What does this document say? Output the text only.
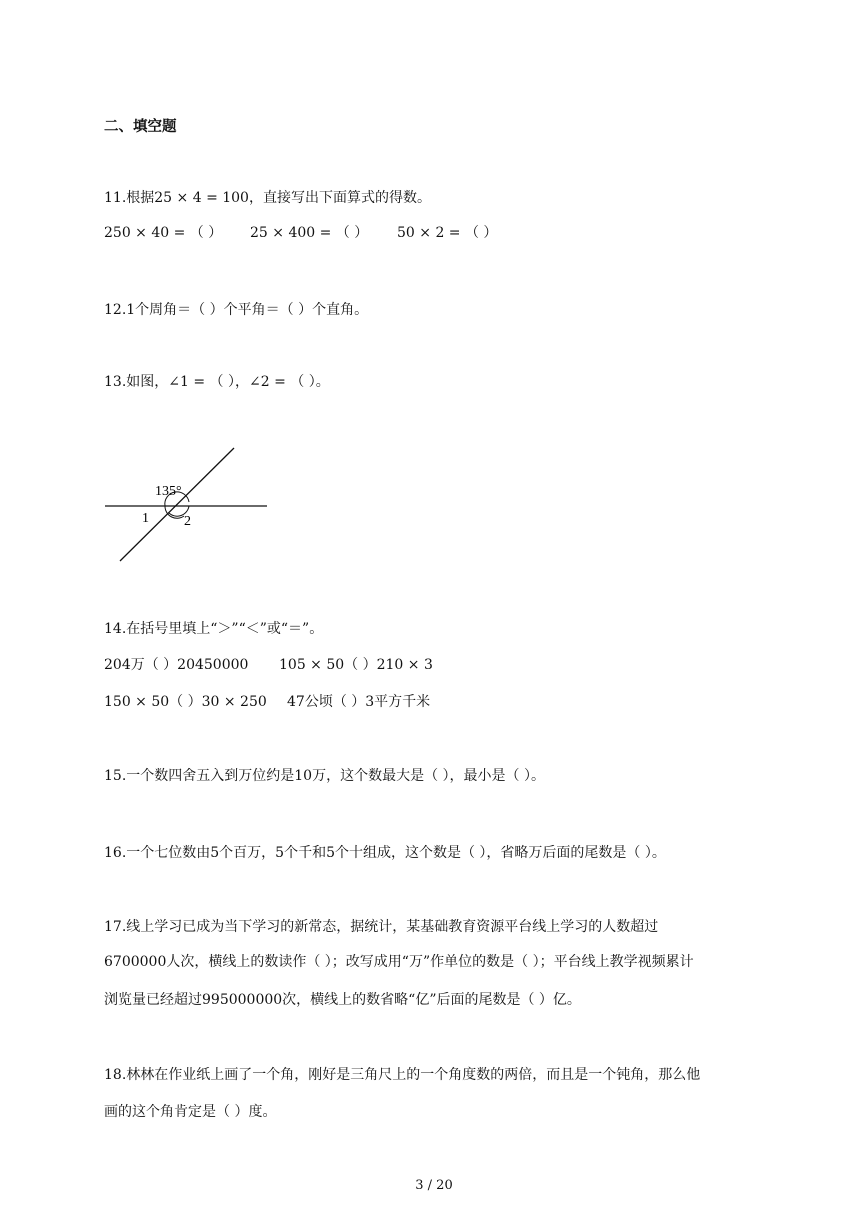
二、填空题
11.根据25 × 4 = 100，直接写出下面算式的得数。
250 × 40 = （ ） 25 × 400 = （ ） 50 × 2 = （ ）
12.1个周角＝（ ）个平角＝（ ）个直角。
13.如图，∠1 = （ ），∠2 = （ ）。
135°
1	2
14.在括号里填上“＞”“＜”或“＝”。
204万（ ）20450000 105 × 50（ ）210 × 3
150 × 50（ ）30 × 250 47公顷（ ）3平方千米
15.一个数四舍五入到万位约是10万，这个数最大是（ ），最小是（ ）。
16.一个七位数由5个百万，5个千和5个十组成，这个数是（ ），省略万后面的尾数是（ ）。
17.线上学习已成为当下学习的新常态，据统计，某基础教育资源平台线上学习的人数超过
6700000人次，横线上的数读作（ ）；改写成用“万”作单位的数是（ ）；平台线上教学视频累计
浏览量已经超过995000000次，横线上的数省略“亿”后面的尾数是（ ）亿。
18.林林在作业纸上画了一个角，刚好是三角尺上的一个角度数的两倍，而且是一个钝角，那么他
画的这个角肯定是（ ）度。
3 / 20
